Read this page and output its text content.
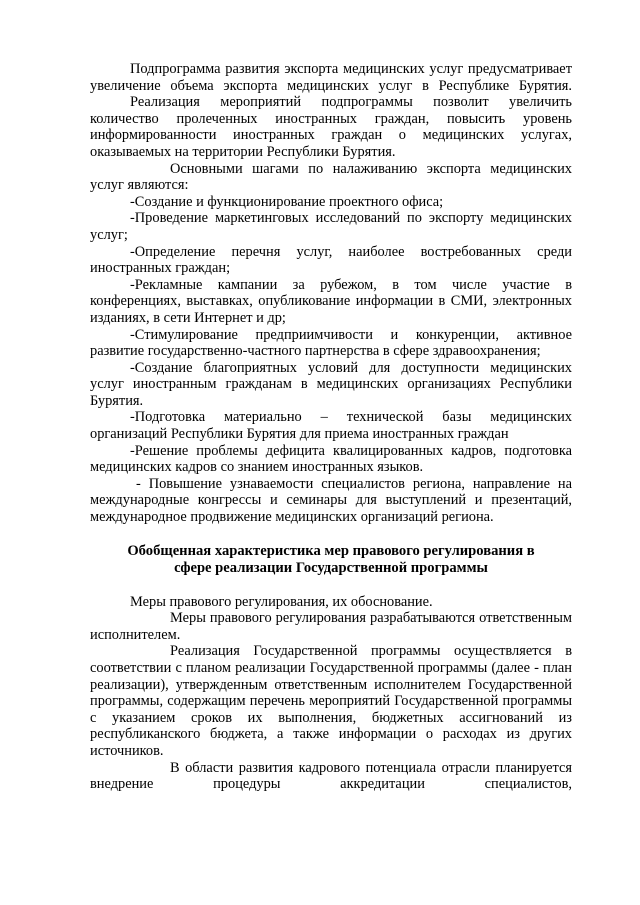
Подпрограмма развития экспорта медицинских услуг предусматривает увеличение объема экспорта медицинских услуг в Республике Бурятия.

Реализация мероприятий подпрограммы позволит увеличить количество пролеченных иностранных граждан, повысить уровень информированности иностранных граждан о медицинских услугах, оказываемых на территории Республики Бурятия.

Основными шагами по налаживанию экспорта медицинских услуг являются:

-Создание и функционирование проектного офиса;

-Проведение маркетинговых исследований по экспорту медицинских услуг;

-Определение перечня услуг, наиболее востребованных среди иностранных граждан;

-Рекламные кампании за рубежом, в том числе участие в конференциях, выставках, опубликование информации в СМИ, электронных изданиях, в сети Интернет и др;

-Стимулирование предприимчивости и конкуренции, активное развитие государственно-частного партнерства в сфере здравоохранения;

-Создание благоприятных условий для доступности медицинских услуг иностранным гражданам в медицинских организациях Республики Бурятия.

-Подготовка материально – технической базы медицинских организаций Республики Бурятия для приема иностранных граждан

-Решение проблемы дефицита квалицированных кадров, подготовка медицинских кадров со знанием иностранных языков.

- Повышение узнаваемости специалистов региона, направление на международные конгрессы и семинары для выступлений и презентаций, международное продвижение медицинских организаций региона.

Обобщенная характеристика мер правового регулирования в

сфере реализации Государственной программы

Меры правового регулирования, их обоснование.

Меры правового регулирования разрабатываются ответственным исполнителем.

Реализация Государственной программы осуществляется в соответствии с планом реализации Государственной программы (далее - план реализации), утвержденным ответственным исполнителем Государственной программы, содержащим перечень мероприятий Государственной программы с указанием сроков их выполнения, бюджетных ассигнований из республиканского бюджета, а также информации о расходах из других источников.

В области развития кадрового потенциала отрасли планируется внедрение процедуры аккредитации специалистов,
